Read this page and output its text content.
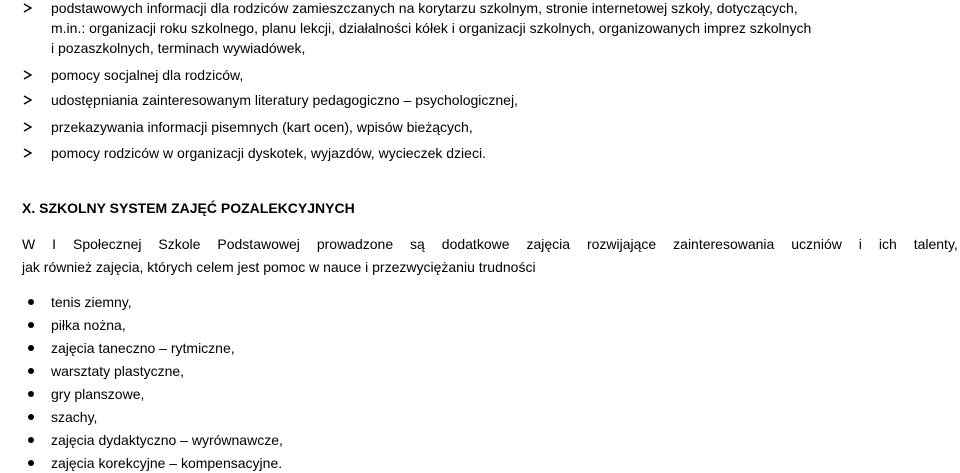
podstawowych informacji dla rodziców zamieszczanych na korytarzu szkolnym, stronie internetowej szkoły, dotyczących,
m.in.: organizacji roku szkolnego, planu lekcji, działalności kółek i organizacji szkolnych, organizowanych imprez szkolnych
i pozaszkolnych, terminach wywiadówek,
pomocy socjalnej dla rodziców,
udostępniania zainteresowanym literatury pedagogiczno – psychologicznej,
przekazywania informacji pisemnych (kart ocen), wpisów bieżących,
pomocy rodziców w organizacji dyskotek, wyjazdów, wycieczek dzieci.
X. SZKOLNY SYSTEM ZAJĘĆ POZALEKCYJNYCH
W I Społecznej Szkole Podstawowej prowadzone są dodatkowe zajęcia rozwijające zainteresowania uczniów i ich talenty,
jak również zajęcia, których celem jest pomoc w nauce i przezwyciężaniu trudności
tenis ziemny,
piłka nożna,
zajęcia taneczno – rytmiczne,
warsztaty plastyczne,
gry planszowe,
szachy,
zajęcia dydaktyczno – wyrównawcze,
zajęcia korekcyjne – kompensacyjne.
